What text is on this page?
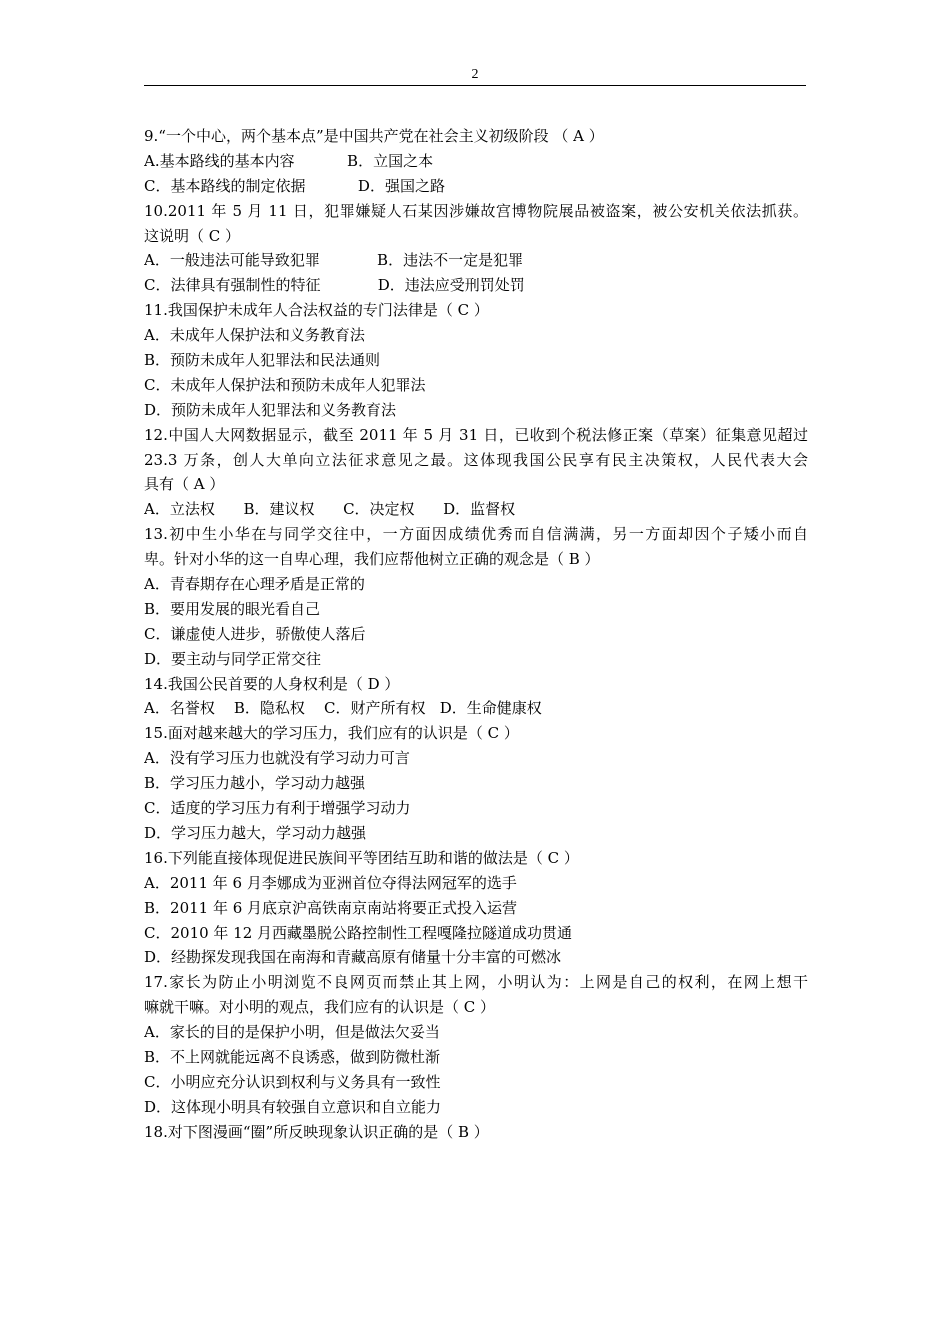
2
9.“一个中心，两个基本点”是中国共产党在社会主义初级阶段 （ A ）
A.基本路线的基本内容           B．立国之本
C．基本路线的制定依据           D．强国之路
10.2011 年 5 月 11 日，犯罪嫌疑人石某因涉嫌故宫博物院展品被盗案，被公安机关依法抓获。
这说明（ C ）
A．一般违法可能导致犯罪            B．违法不一定是犯罪
C．法律具有强制性的特征            D．违法应受刑罚处罚
11.我国保护未成年人合法权益的专门法律是（ C ）
A．未成年人保护法和义务教育法
B．预防未成年人犯罪法和民法通则
C．未成年人保护法和预防未成年人犯罪法
D．预防未成年人犯罪法和义务教育法
12.中国人大网数据显示，截至 2011 年 5 月 31 日，已收到个税法修正案（草案）征集意见超过
23.3 万条，创人大单向立法征求意见之最。这体现我国公民享有民主决策权，人民代表大会
具有（ A ）
A．立法权      B．建议权      C．决定权      D．监督权
13.初中生小华在与同学交往中，一方面因成绩优秀而自信满满，另一方面却因个子矮小而自
卑。针对小华的这一自卑心理，我们应帮他树立正确的观念是（ B ）
A．青春期存在心理矛盾是正常的
B．要用发展的眼光看自己
C．谦虚使人进步，骄傲使人落后
D．要主动与同学正常交往
14.我国公民首要的人身权利是（ D ）
A．名誉权    B．隐私权    C．财产所有权   D．生命健康权
15.面对越来越大的学习压力，我们应有的认识是（ C ）
A．没有学习压力也就没有学习动力可言
B．学习压力越小，学习动力越强
C．适度的学习压力有利于增强学习动力
D．学习压力越大，学习动力越强
16.下列能直接体现促进民族间平等团结互助和谐的做法是（ C ）
A．2011 年 6 月李娜成为亚洲首位夺得法网冠军的选手
B．2011 年 6 月底京沪高铁南京南站将要正式投入运营
C．2010 年 12 月西藏墨脱公路控制性工程嘎隆拉隧道成功贯通
D．经勘探发现我国在南海和青藏高原有储量十分丰富的可燃冰
17.家长为防止小明浏览不良网页而禁止其上网，小明认为：上网是自己的权利，在网上想干
嘛就干嘛。对小明的观点，我们应有的认识是（ C ）
A．家长的目的是保护小明，但是做法欠妥当
B．不上网就能远离不良诱惑，做到防微杜渐
C．小明应充分认识到权利与义务具有一致性
D．这体现小明具有较强自立意识和自立能力
18.对下图漫画“圈”所反映现象认识正确的是（ B ）
